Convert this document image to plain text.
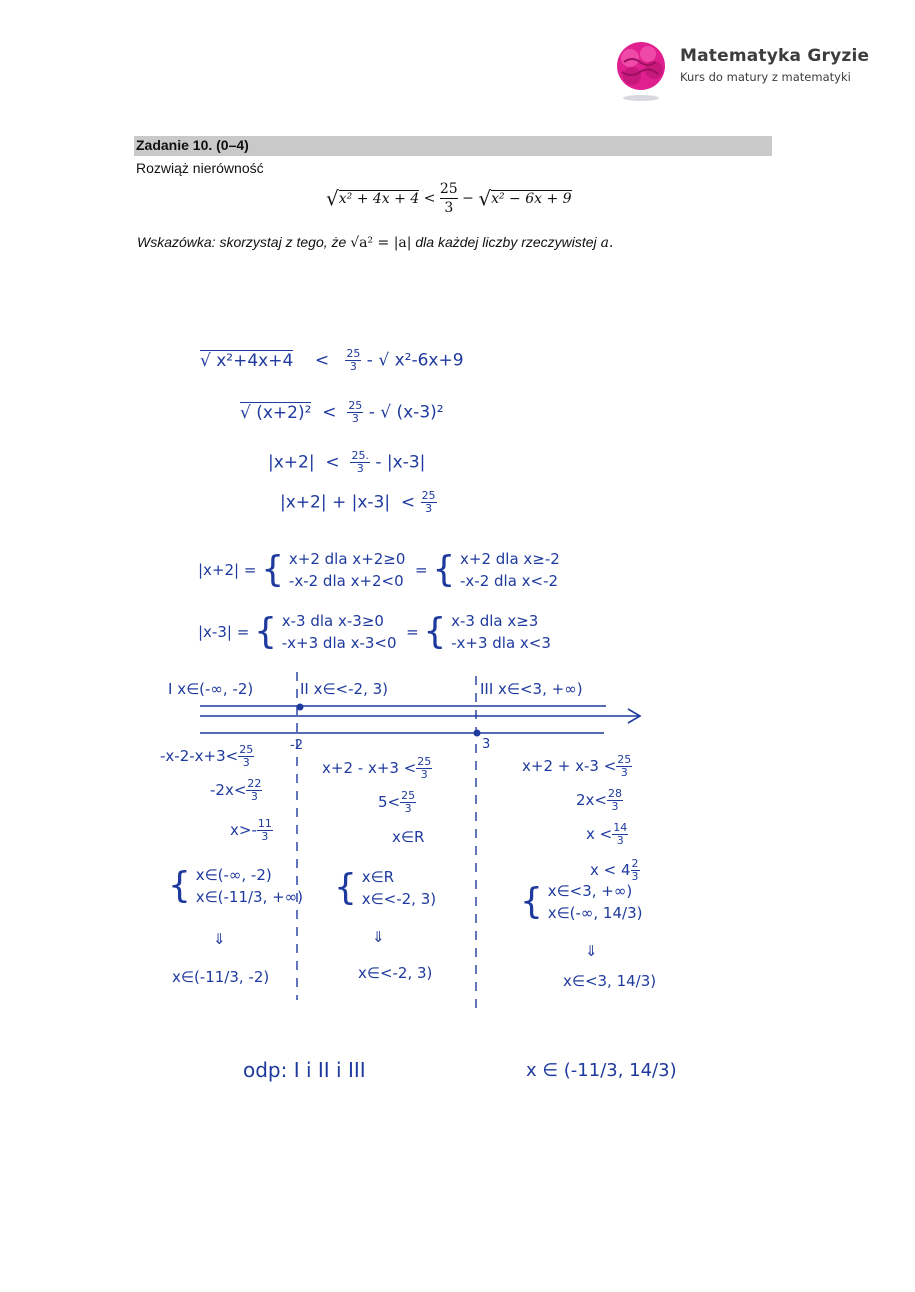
Matematyka Gryzie
Kurs do matury z matematyki
Zadanie 10. (0–4)
Rozwiąż nierówność
$√x^2 + 4x + 4 < \frac{25}{3} - √x^2 - 6x + 9$
Wskazówka: skorzystaj z tego, że √a² = |a| dla każdej liczby rzeczywistej a.
√ $x^2+4x+4 < \frac{25}{3}$ - √ x²-6x+9
√ $(x+2)^2 < \frac{25}{3}$ - √ (x-3)²
$|x+2| < \frac{25.}{3} - |x-3|$
$|x+2| + |x-3| < \frac{25}{3}$
|x+2| = { x+2 dla x+2≥0
-x-2 dla x+2<0
= { x+2 dla x≥-2
-x-2 dla x<-2
|x-3| = { x-3 dla x-3≥0
-x+3 dla x-3<0
= { x-3 dla x≥3
-x+3 dla x<3
I x∈(-∞, -2)	II x∈<-2, 3)	III x∈<3, +∞)
-2	3
$-x-2-x+3< \frac{25}{3}$
$-2x< \frac{22}{3}$
$x>- \frac{11}{3}$
{ x∈(-∞, -2)
x∈(-11/3, +∞)
⇓
x∈(-11/3, -2)
$x+2 - x+3 < \frac{25}{3}$
$5< \frac{25}{3}$
x∈R
{ x∈R
x∈<-2, 3)
⇓
x∈<-2, 3)
$x+2 + x-3 < \frac{25}{3}$
$2x< \frac{28}{3}$
$x < \frac{14}{3}$
$x < 4 \frac{2}{3}$
{ x∈<3, +∞)
x∈(-∞, 14/3)
⇓
x∈<3, 14/3)
odp: I i II i III	x ∈ (-11/3, 14/3)
